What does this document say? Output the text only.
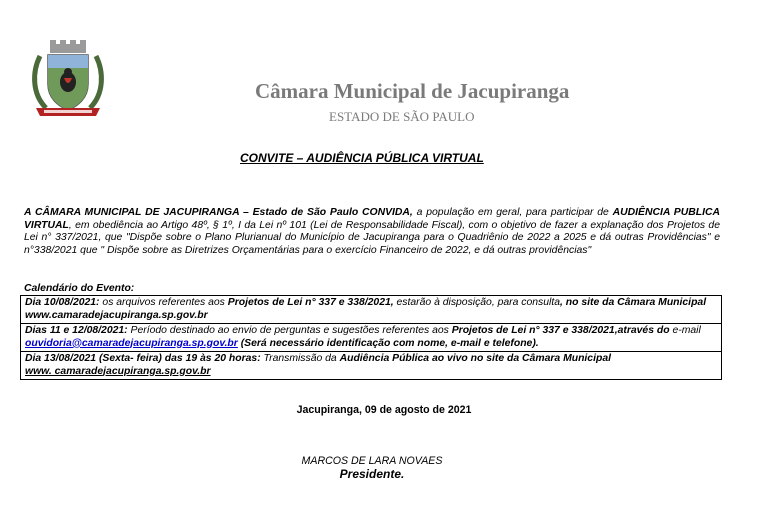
Câmara Municipal de Jacupiranga
ESTADO DE SÃO PAULO
CONVITE – AUDIÊNCIA PÚBLICA VIRTUAL

A CÂMARA MUNICIPAL DE JACUPIRANGA – Estado de São Paulo CONVIDA, a população em geral, para participar de AUDIÊNCIA PUBLICA VIRTUAL, em obediência ao Artigo 48º, § 1º, I da Lei nº 101 (Lei de Responsabilidade Fiscal), com o objetivo de fazer a explanação dos Projetos de Lei n° 337/2021, que "Dispõe sobre o Plano Plurianual do Município de Jacupiranga para o Quadriênio de 2022 a 2025 e dá outras Providências" e n°338/2021 que " Dispõe sobre as Diretrizes Orçamentárias para o exercício Financeiro de 2022, e dá outras providências"

Calendário do Evento:
Dia 10/08/2021: os arquivos referentes aos Projetos de Lei n° 337 e 338/2021, estarão à disposição, para consulta, no site da Câmara Municipal www.camaradejacupiranga.sp.gov.br
Dias 11 e 12/08/2021: Período destinado ao envio de perguntas e sugestões referentes aos Projetos de Lei n° 337 e 338/2021,através do e-mail ouvidoria@camaradejacupiranga.sp.gov.br (Será necessário identificação com nome, e-mail e telefone).
Dia 13/08/2021 (Sexta- feira) das 19 às 20 horas: Transmissão da Audiência Pública ao vivo no site da Câmara Municipal
www. camaradejacupiranga.sp.gov.br
Jacupiranga, 09 de agosto de 2021
MARCOS DE LARA NOVAES
Presidente.
